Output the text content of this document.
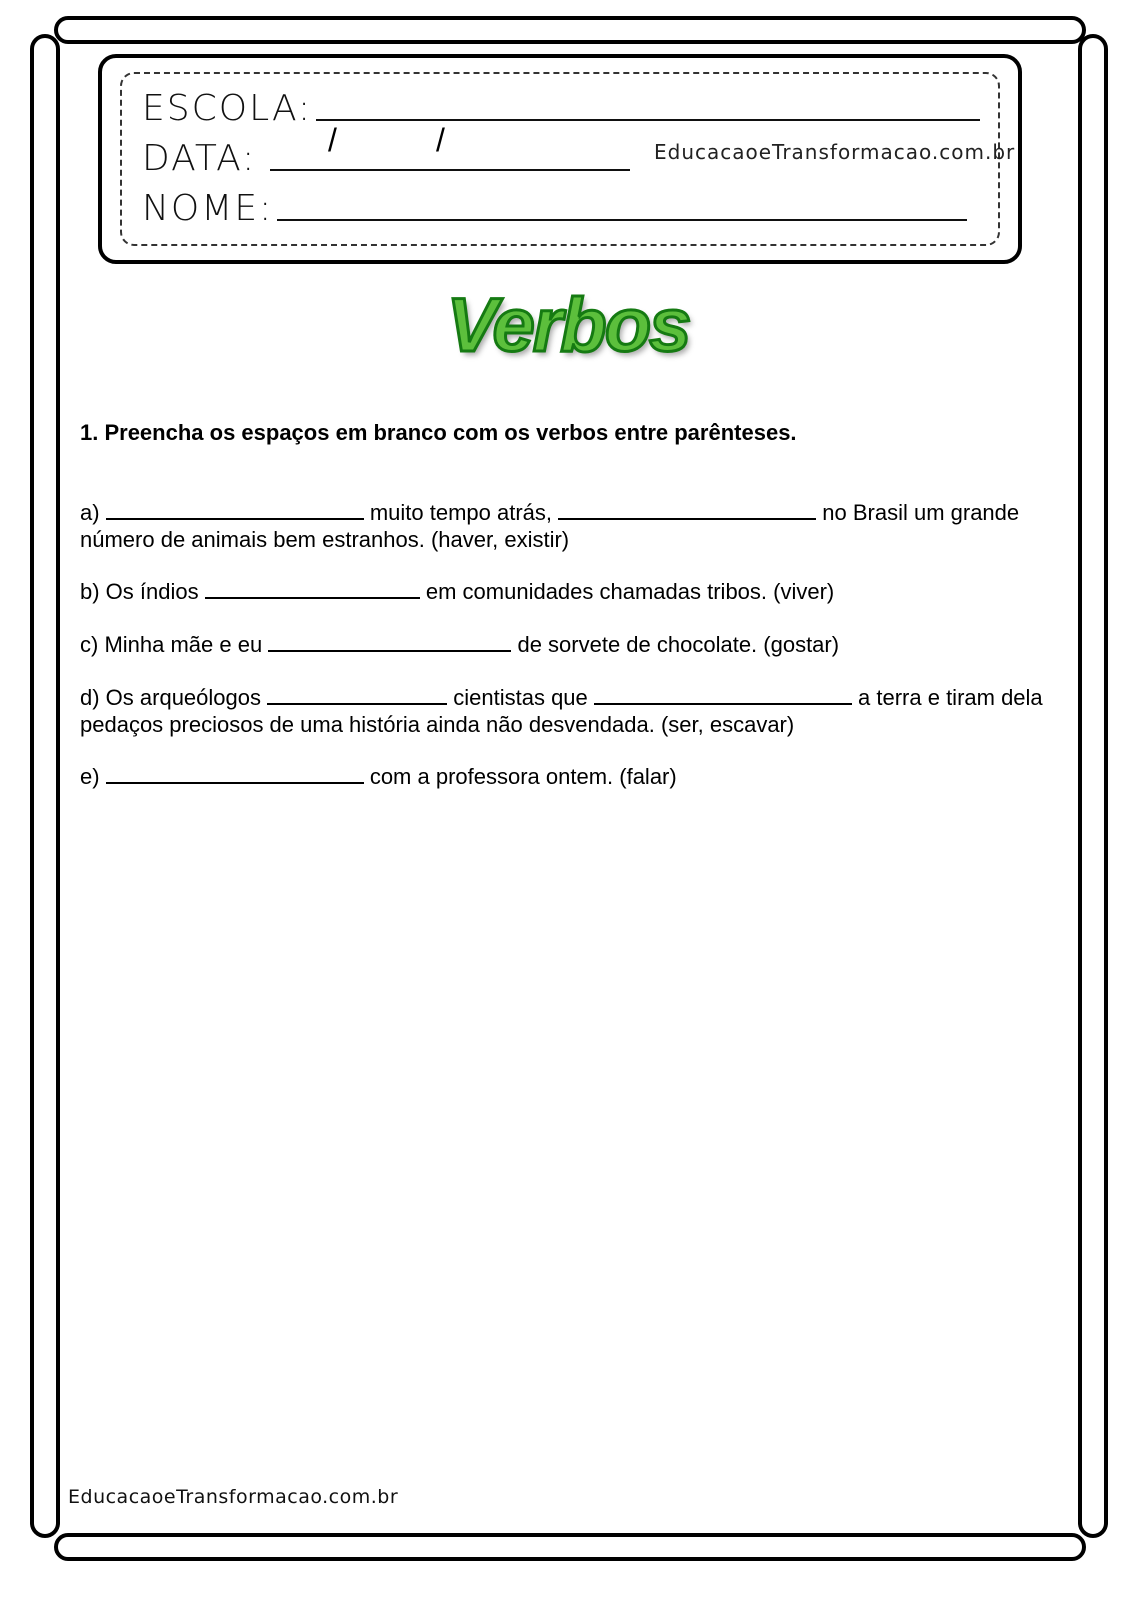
ESCOLA:
DATA: /	/	EducacaoeTransformacao.com.br
NOME:
Verbos
1. Preencha os espaços em branco com os verbos entre parênteses.
a)	muito tempo atrás,	no Brasil um grande número de animais bem estranhos. (haver, existir)
b) Os índios	em comunidades chamadas tribos. (viver)
c) Minha mãe e eu	de sorvete de chocolate. (gostar)
d) Os arqueólogos	cientistas que	a terra e tiram dela pedaços preciosos de uma história ainda não desvendada. (ser, escavar)
e)	com a professora ontem. (falar)
EducacaoeTransformacao.com.br
